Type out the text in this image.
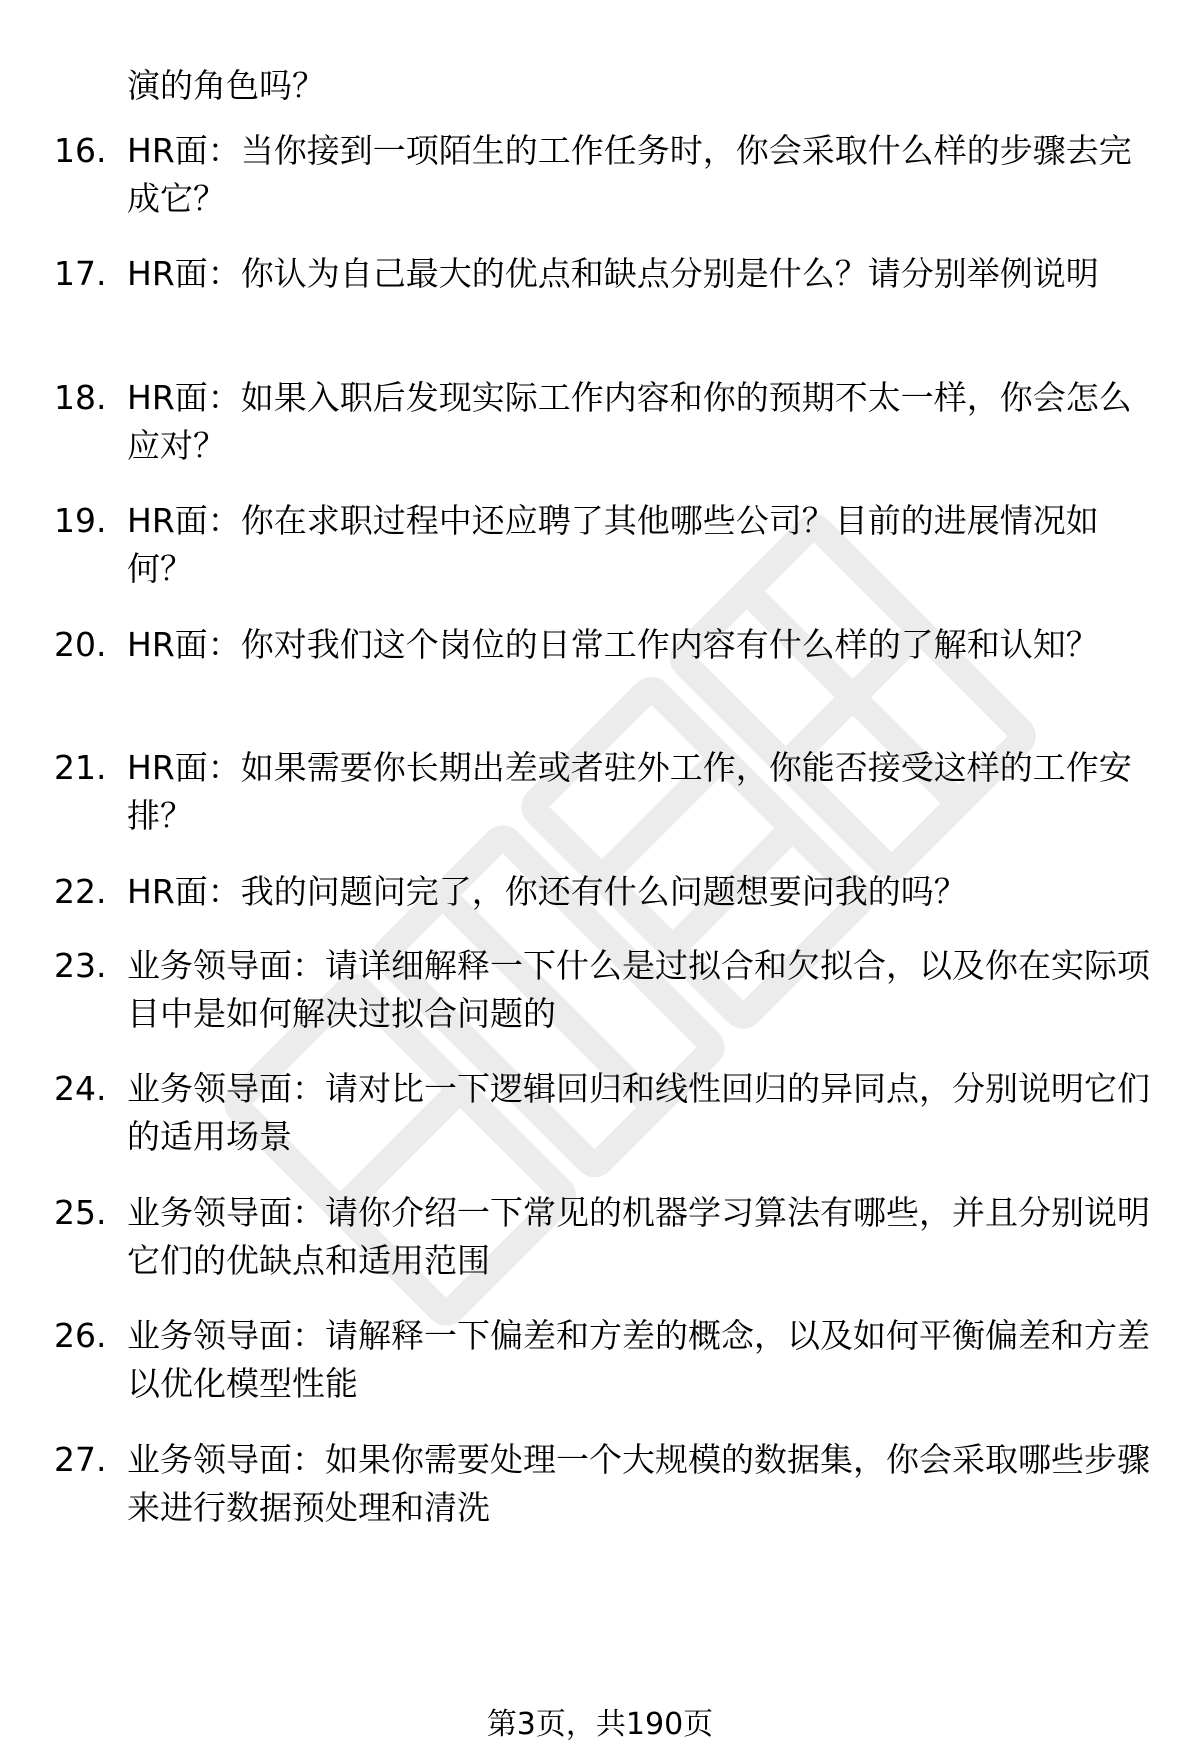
演的角色吗？
16. HR面：当你接到一项陌生的工作任务时，你会采取什么样的步骤去完成它？
17. HR面：你认为自己最大的优点和缺点分别是什么？请分别举例说明
18. HR面：如果入职后发现实际工作内容和你的预期不太一样，你会怎么应对？
19. HR面：你在求职过程中还应聘了其他哪些公司？目前的进展情况如何？
20. HR面：你对我们这个岗位的日常工作内容有什么样的了解和认知？
21. HR面：如果需要你长期出差或者驻外工作，你能否接受这样的工作安排？
22. HR面：我的问题问完了，你还有什么问题想要问我的吗？
23. 业务领导面：请详细解释一下什么是过拟合和欠拟合，以及你在实际项目中是如何解决过拟合问题的
24. 业务领导面：请对比一下逻辑回归和线性回归的异同点，分别说明它们的适用场景
25. 业务领导面：请你介绍一下常见的机器学习算法有哪些，并且分别说明它们的优缺点和适用范围
26. 业务领导面：请解释一下偏差和方差的概念，以及如何平衡偏差和方差以优化模型性能
27. 业务领导面：如果你需要处理一个大规模的数据集，你会采取哪些步骤来进行数据预处理和清洗
第3页，共190页
